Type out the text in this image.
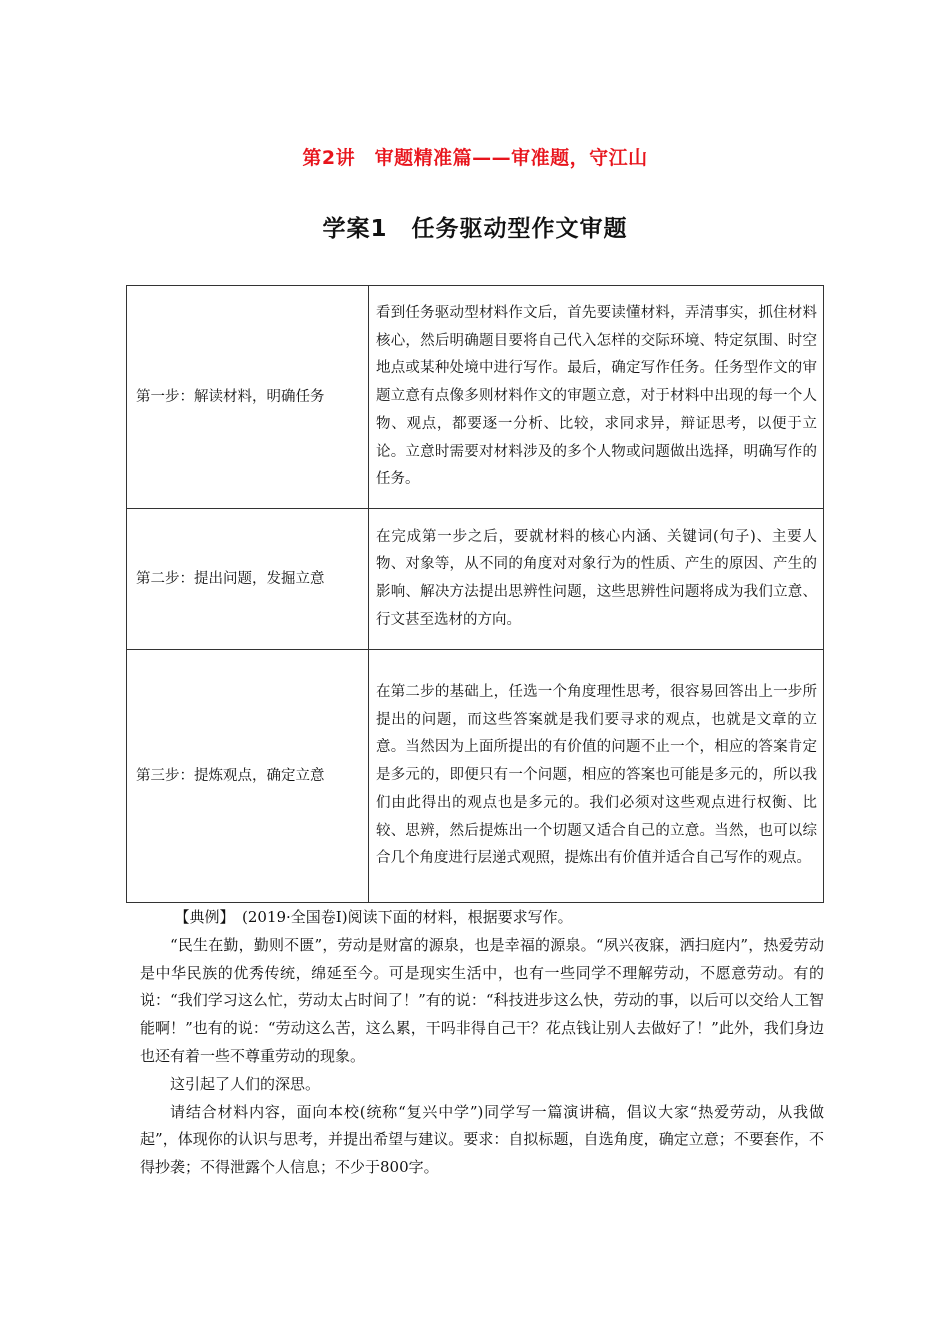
第2讲　审题精准篇——审准题，守江山
学案1　任务驱动型作文审题
第一步：解读材料，明确任务	看到任务驱动型材料作文后，首先要读懂材料，弄清事实，抓住材料核心，然后明确题目要将自己代入怎样的交际环境、特定氛围、时空地点或某种处境中进行写作。最后，确定写作任务。任务型作文的审题立意有点像多则材料作文的审题立意，对于材料中出现的每一个人物、观点，都要逐一分析、比较，求同求异，辩证思考，以便于立论。立意时需要对材料涉及的多个人物或问题做出选择，明确写作的任务。
第二步：提出问题，发掘立意	在完成第一步之后，要就材料的核心内涵、关键词(句子)、主要人物、对象等，从不同的角度对对象行为的性质、产生的原因、产生的影响、解决方法提出思辨性问题，这些思辨性问题将成为我们立意、行文甚至选材的方向。
第三步：提炼观点，确定立意	在第二步的基础上，任选一个角度理性思考，很容易回答出上一步所提出的问题，而这些答案就是我们要寻求的观点，也就是文章的立意。当然因为上面所提出的有价值的问题不止一个，相应的答案肯定是多元的，即便只有一个问题，相应的答案也可能是多元的，所以我们由此得出的观点也是多元的。我们必须对这些观点进行权衡、比较、思辨，然后提炼出一个切题又适合自己的立意。当然，也可以综合几个角度进行层递式观照，提炼出有价值并适合自己写作的观点。

【典例】　(2019·全国卷Ⅰ)阅读下面的材料，根据要求写作。

“民生在勤，勤则不匮”，劳动是财富的源泉，也是幸福的源泉。“夙兴夜寐，洒扫庭内”，热爱劳动是中华民族的优秀传统，绵延至今。可是现实生活中，也有一些同学不理解劳动，不愿意劳动。有的说：“我们学习这么忙，劳动太占时间了！”有的说：“科技进步这么快，劳动的事，以后可以交给人工智能啊！”也有的说：“劳动这么苦，这么累，干吗非得自己干？花点钱让别人去做好了！”此外，我们身边也还有着一些不尊重劳动的现象。

这引起了人们的深思。

请结合材料内容，面向本校(统称“复兴中学”)同学写一篇演讲稿，倡议大家“热爱劳动，从我做起”，体现你的认识与思考，并提出希望与建议。要求：自拟标题，自选角度，确定立意；不要套作，不得抄袭；不得泄露个人信息；不少于800字。
